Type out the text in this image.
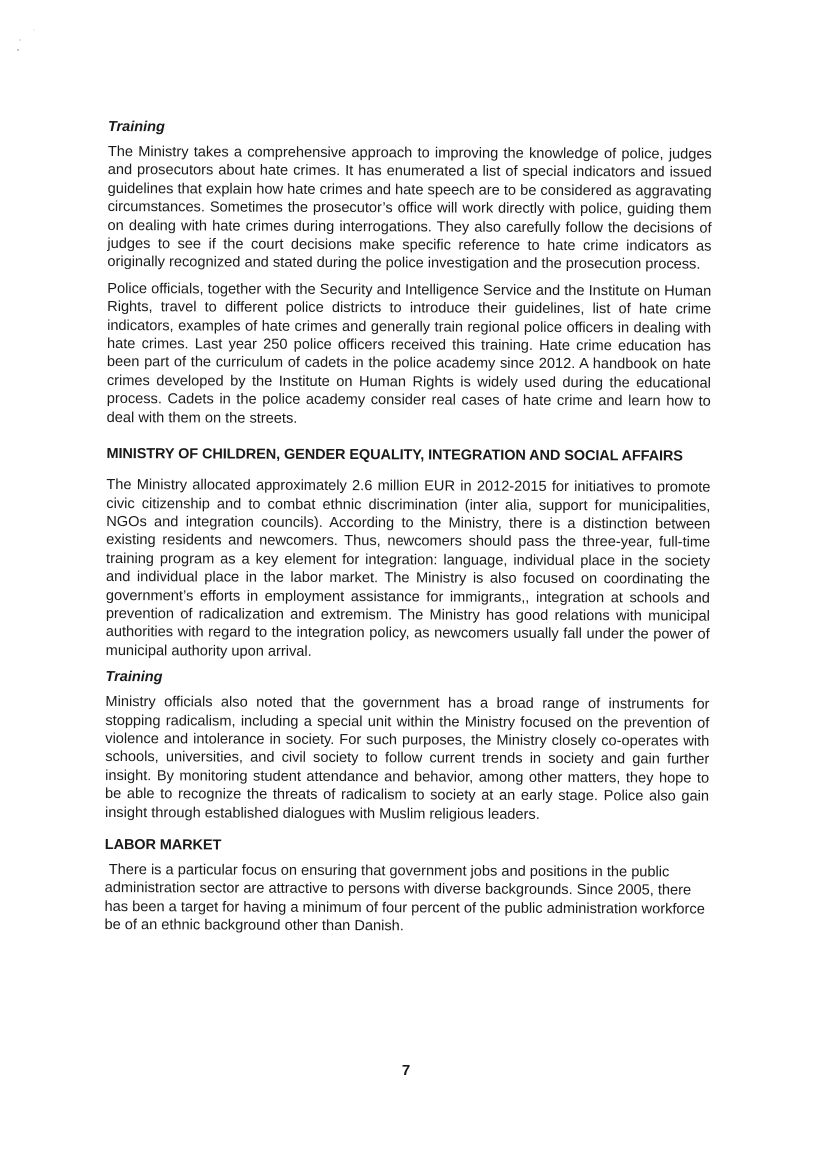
Training

The Ministry takes a comprehensive approach to improving the knowledge of police, judges and prosecutors about hate crimes. It has enumerated a list of special indicators and issued guidelines that explain how hate crimes and hate speech are to be considered as aggravating circumstances. Sometimes the prosecutor’s office will work directly with police, guiding them on dealing with hate crimes during interrogations. They also carefully follow the decisions of judges to see if the court decisions make specific reference to hate crime indicators as originally recognized and stated during the police investigation and the prosecution process.

Police officials, together with the Security and Intelligence Service and the Institute on Human Rights, travel to different police districts to introduce their guidelines, list of hate crime indicators, examples of hate crimes and generally train regional police officers in dealing with hate crimes. Last year 250 police officers received this training. Hate crime education has been part of the curriculum of cadets in the police academy since 2012. A handbook on hate crimes developed by the Institute on Human Rights is widely used during the educational process. Cadets in the police academy consider real cases of hate crime and learn how to deal with them on the streets.

MINISTRY OF CHILDREN, GENDER EQUALITY, INTEGRATION AND SOCIAL AFFAIRS

The Ministry allocated approximately 2.6 million EUR in 2012-2015 for initiatives to promote civic citizenship and to combat ethnic discrimination (inter alia, support for municipalities, NGOs and integration councils). According to the Ministry, there is a distinction between existing residents and newcomers. Thus, newcomers should pass the three-year, full-time training program as a key element for integration: language, individual place in the society and individual place in the labor market. The Ministry is also focused on coordinating the government’s efforts in employment assistance for immigrants,, integration at schools and prevention of radicalization and extremism. The Ministry has good relations with municipal authorities with regard to the integration policy, as newcomers usually fall under the power of municipal authority upon arrival.

Training

Ministry officials also noted that the government has a broad range of instruments for stopping radicalism, including a special unit within the Ministry focused on the prevention of violence and intolerance in society. For such purposes, the Ministry closely co-operates with schools, universities, and civil society to follow current trends in society and gain further insight. By monitoring student attendance and behavior, among other matters, they hope to be able to recognize the threats of radicalism to society at an early stage. Police also gain insight through established dialogues with Muslim religious leaders.

LABOR MARKET

There is a particular focus on ensuring that government jobs and positions in the public administration sector are attractive to persons with diverse backgrounds. Since 2005, there has been a target for having a minimum of four percent of the public administration workforce be of an ethnic background other than Danish.

7
